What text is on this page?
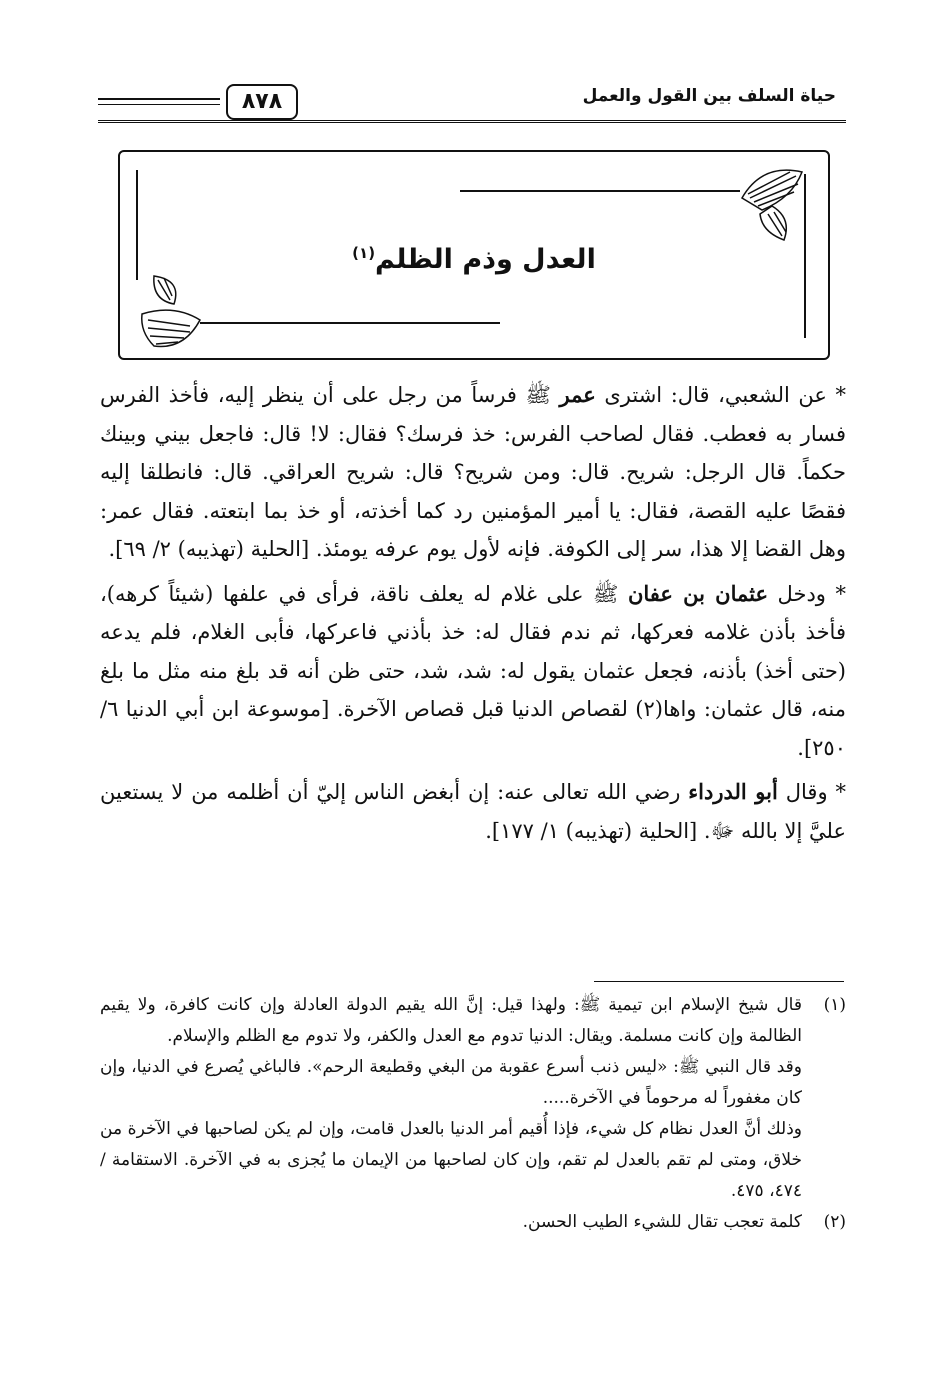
حياة السلف بين القول والعمل
٨٧٨
العدل وذم الظلم$^{(١)}$

* عن الشعبي، قال: اشترى عمر ﷺ فرساً من رجل على أن ينظر إليه، فأخذ الفرس فسار به فعطب. فقال لصاحب الفرس: خذ فرسك؟ فقال: لا! قال: فاجعل بيني وبينك حكماً. قال الرجل: شريح. قال: ومن شريح؟ قال: شريح العراقي. قال: فانطلقا إليه فقصًا عليه القصة، فقال: يا أمير المؤمنين رد كما أخذته، أو خذ بما ابتعته. فقال عمر: وهل القضا إلا هذا، سر إلى الكوفة. فإنه لأول يوم عرفه يومئذ. [الحلية (تهذيبه) ٢/ ٦٩].

* ودخل عثمان بن عفان ﷺ على غلام له يعلف ناقة، فرأى في علفها (شيئاً كرهه)، فأخذ بأذن غلامه فعركها، ثم ندم فقال له: خذ بأذني فاعركها، فأبى الغلام، فلم يدعه (حتى أخذ) بأذنه، فجعل عثمان يقول له: شد، شد، حتى ظن أنه قد بلغ منه مثل ما بلغ منه، قال عثمان: واها(٢) لقصاص الدنيا قبل قصاص الآخرة. [موسوعة ابن أبي الدنيا ٦/ ٢٥٠].

* وقال أبو الدرداء رضي الله تعالى عنه: إن أبغض الناس إليّ أن أظلمه من لا يستعين عليَّ إلا بالله ﷻ. [الحلية (تهذيبه) ١/ ١٧٧].

(١)

قال شيخ الإسلام ابن تيمية ﷺ: ولهذا قيل: إنَّ الله يقيم الدولة العادلة وإن كانت كافرة، ولا يقيم الظالمة وإن كانت مسلمة. ويقال: الدنيا تدوم مع العدل والكفر، ولا تدوم مع الظلم والإسلام.

وقد قال النبي ﷺ: «ليس ذنب أسرع عقوبة من البغي وقطيعة الرحم». فالباغي يُصرع في الدنيا، وإن كان مغفوراً له مرحوماً في الآخرة.....

وذلك أنَّ العدل نظام كل شيء، فإذا أُقيم أمر الدنيا بالعدل قامت، وإن لم يكن لصاحبها في الآخرة من خلاق، ومتى لم تقم بالعدل لم تقم، وإن كان لصاحبها من الإيمان ما يُجزى به في الآخرة. الاستقامة / ٤٧٤، ٤٧٥.

(٢)

كلمة تعجب تقال للشيء الطيب الحسن.
